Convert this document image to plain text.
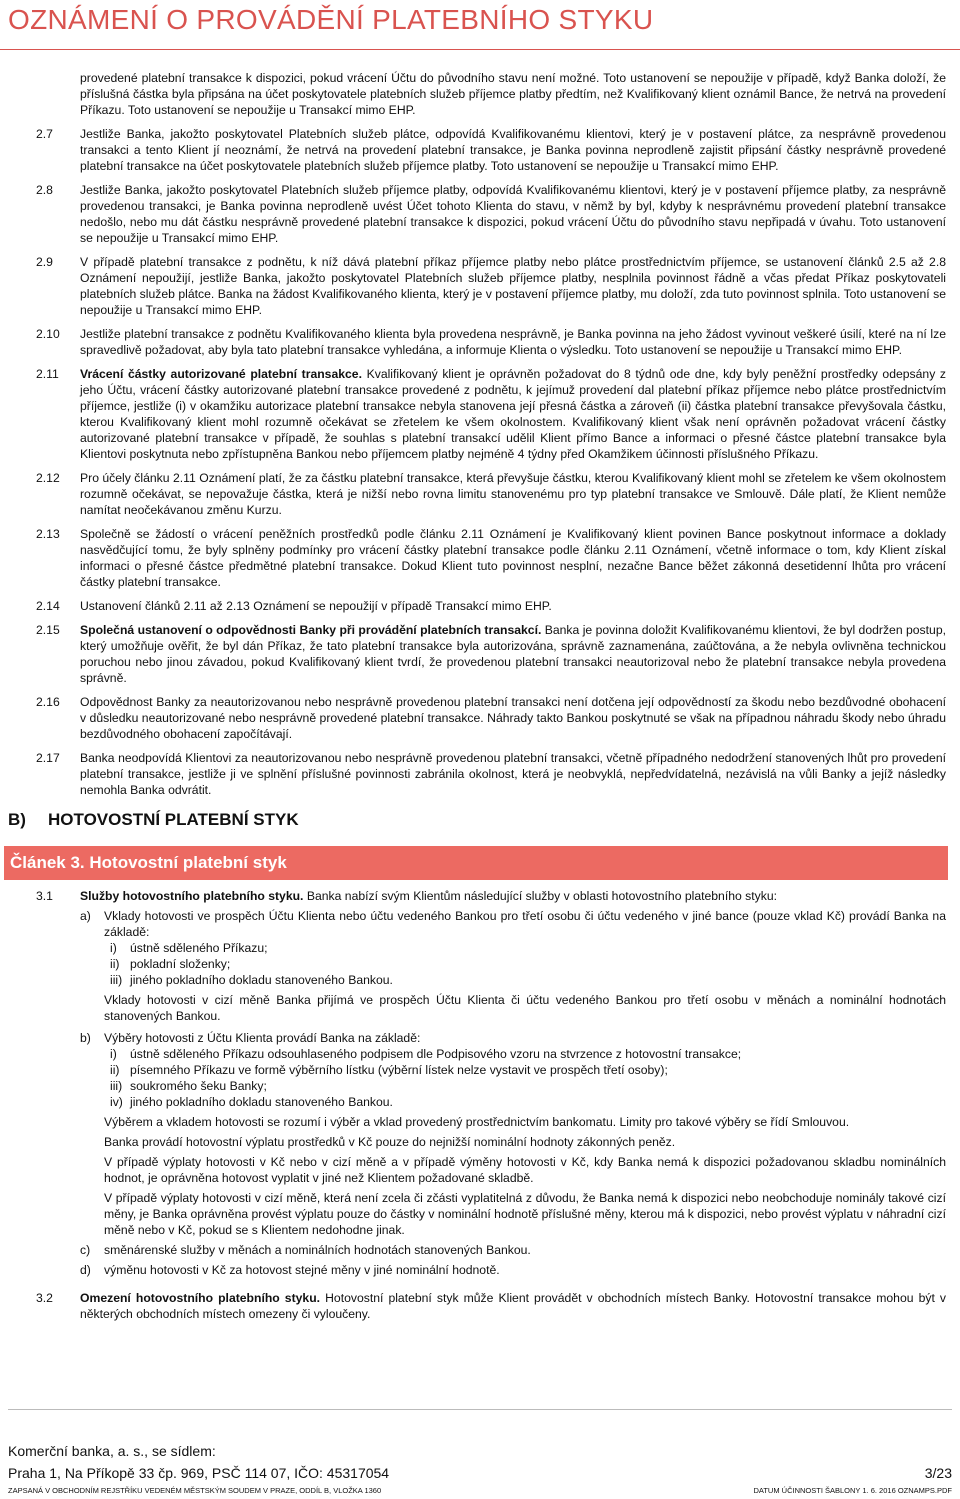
OZNÁMENÍ O PROVÁDĚNÍ PLATEBNÍHO STYKU
provedené platební transakce k dispozici, pokud vrácení Účtu do původního stavu není možné. Toto ustanovení se nepoužije v případě, když Banka doloží, že příslušná částka byla připsána na účet poskytovatele platebních služeb příjemce platby předtím, než Kvalifikovaný klient oznámil Bance, že netrvá na provedení Příkazu. Toto ustanovení se nepoužije u Transakcí mimo EHP.
2.7	Jestliže Banka, jakožto poskytovatel Platebních služeb plátce, odpovídá Kvalifikovanému klientovi, který je v postavení plátce, za nesprávně provedenou transakci a tento Klient jí neoznámí, že netrvá na provedení platební transakce, je Banka povinna neprodleně zajistit připsání částky nesprávně provedené platební transakce na účet poskytovatele platebních služeb příjemce platby. Toto ustanovení se nepoužije u Transakcí mimo EHP.
2.8	Jestliže Banka, jakožto poskytovatel Platebních služeb příjemce platby, odpovídá Kvalifikovanému klientovi, který je v postavení příjemce platby, za nesprávně provedenou transakci, je Banka povinna neprodleně uvést Účet tohoto Klienta do stavu, v němž by byl, kdyby k nesprávnému provedení platební transakce nedošlo, nebo mu dát částku nesprávně provedené platební transakce k dispozici, pokud vrácení Účtu do původního stavu nepřipadá v úvahu. Toto ustanovení se nepoužije u Transakcí mimo EHP.
2.9	V případě platební transakce z podnětu, k níž dává platební příkaz příjemce platby nebo plátce prostřednictvím příjemce, se ustanovení článků 2.5 až 2.8 Oznámení nepoužijí, jestliže Banka, jakožto poskytovatel Platebních služeb příjemce platby, nesplnila povinnost řádně a včas předat Příkaz poskytovateli platebních služeb plátce. Banka na žádost Kvalifikovaného klienta, který je v postavení příjemce platby, mu doloží, zda tuto povinnost splnila. Toto ustanovení se nepoužije u Transakcí mimo EHP.
2.10	Jestliže platební transakce z podnětu Kvalifikovaného klienta byla provedena nesprávně, je Banka povinna na jeho žádost vyvinout veškeré úsilí, které na ní lze spravedlivě požadovat, aby byla tato platební transakce vyhledána, a informuje Klienta o výsledku. Toto ustanovení se nepoužije u Transakcí mimo EHP.
2.11	Vrácení částky autorizované platební transakce. Kvalifikovaný klient je oprávněn požadovat do 8 týdnů ode dne, kdy byly peněžní prostředky odepsány z jeho Účtu, vrácení částky autorizované platební transakce provedené z podnětu, k jejímuž provedení dal platební příkaz příjemce nebo plátce prostřednictvím příjemce, jestliže (i) v okamžiku autorizace platební transakce nebyla stanovena její přesná částka a zároveň (ii) částka platební transakce převyšovala částku, kterou Kvalifikovaný klient mohl rozumně očekávat se zřetelem ke všem okolnostem. Kvalifikovaný klient však není oprávněn požadovat vrácení částky autorizované platební transakce v případě, že souhlas s platební transakcí udělil Klient přímo Bance a informaci o přesné částce platební transakce byla Klientovi poskytnuta nebo zpřístupněna Bankou nebo příjemcem platby nejméně 4 týdny před Okamžikem účinnosti příslušného Příkazu.
2.12	Pro účely článku 2.11 Oznámení platí, že za částku platební transakce, která převyšuje částku, kterou Kvalifikovaný klient mohl se zřetelem ke všem okolnostem rozumně očekávat, se nepovažuje částka, která je nižší nebo rovna limitu stanovenému pro typ platební transakce ve Smlouvě. Dále platí, že Klient nemůže namítat neočekávanou změnu Kurzu.
2.13	Společně se žádostí o vrácení peněžních prostředků podle článku 2.11 Oznámení je Kvalifikovaný klient povinen Bance poskytnout informace a doklady nasvědčující tomu, že byly splněny podmínky pro vrácení částky platební transakce podle článku 2.11 Oznámení, včetně informace o tom, kdy Klient získal informaci o přesné částce předmětné platební transakce. Dokud Klient tuto povinnost nesplní, nezačne Bance běžet zákonná desetidenní lhůta pro vrácení částky platební transakce.
2.14	Ustanovení článků 2.11 až 2.13 Oznámení se nepoužijí v případě Transakcí mimo EHP.
2.15	Společná ustanovení o odpovědnosti Banky při provádění platebních transakcí. Banka je povinna doložit Kvalifikovanému klientovi, že byl dodržen postup, který umožňuje ověřit, že byl dán Příkaz, že tato platební transakce byla autorizována, správně zaznamenána, zaúčtována, a že nebyla ovlivněna technickou poruchou nebo jinou závadou, pokud Kvalifikovaný klient tvrdí, že provedenou platební transakci neautorizoval nebo že platební transakce nebyla provedena správně.
2.16	Odpovědnost Banky za neautorizovanou nebo nesprávně provedenou platební transakci není dotčena její odpovědností za škodu nebo bezdůvodné obohacení v důsledku neautorizované nebo nesprávně provedené platební transakce. Náhrady takto Bankou poskytnuté se však na případnou náhradu škody nebo úhradu bezdůvodného obohacení započítávají.
2.17	Banka neodpovídá Klientovi za neautorizovanou nebo nesprávně provedenou platební transakci, včetně případného nedodržení stanovených lhůt pro provedení platební transakce, jestliže ji ve splnění příslušné povinnosti zabránila okolnost, která je neobvyklá, nepředvídatelná, nezávislá na vůli Banky a jejíž následky nemohla Banka odvrátit.
B) HOTOVOSTNÍ PLATEBNÍ STYK
Článek 3. Hotovostní platební styk
3.1	Služby hotovostního platebního styku. Banka nabízí svým Klientům následující služby v oblasti hotovostního platebního styku:
a) Vklady hotovosti ve prospěch Účtu Klienta nebo účtu vedeného Bankou pro třetí osobu či účtu vedeného v jiné bance (pouze vklad Kč) provádí Banka na základě:
i)	ústně sděleného Příkazu;
ii) pokladní složenky;
iii) jiného pokladního dokladu stanoveného Bankou.
Vklady hotovosti v cizí měně Banka přijímá ve prospěch Účtu Klienta či účtu vedeného Bankou pro třetí osobu v měnách a nominální hodnotách stanovených Bankou.
b) Výběry hotovosti z Účtu Klienta provádí Banka na základě:
i)	ústně sděleného Příkazu odsouhlaseného podpisem dle Podpisového vzoru na stvrzence z hotovostní transakce;
ii) písemného Příkazu ve formě výběrního lístku (výběrní lístek nelze vystavit ve prospěch třetí osoby);
iii) soukromého šeku Banky;
iv) jiného pokladního dokladu stanoveného Bankou.
Výběrem a vkladem hotovosti se rozumí i výběr a vklad provedený prostřednictvím bankomatu. Limity pro takové výběry se řídí Smlouvou.
Banka provádí hotovostní výplatu prostředků v Kč pouze do nejnižší nominální hodnoty zákonných peněz.
V případě výplaty hotovosti v Kč nebo v cizí měně a v případě výměny hotovosti v Kč, kdy Banka nemá k dispozici požadovanou skladbu nominálních hodnot, je oprávněna hotovost vyplatit v jiné než Klientem požadované skladbě.
V případě výplaty hotovosti v cizí měně, která není zcela či zčásti vyplatitelná z důvodu, že Banka nemá k dispozici nebo neobchoduje nominály takové cizí měny, je Banka oprávněna provést výplatu pouze do částky v nominální hodnotě příslušné měny, kterou má k dispozici, nebo provést výplatu v náhradní cizí měně nebo v Kč, pokud se s Klientem nedohodne jinak.
c) směnárenské služby v měnách a nominálních hodnotách stanovených Bankou.
d) výměnu hotovosti v Kč za hotovost stejné měny v jiné nominální hodnotě.
3.2	Omezení hotovostního platebního styku. Hotovostní platební styk může Klient provádět v obchodních místech Banky. Hotovostní transakce mohou být v některých obchodních místech omezeny či vyloučeny.
Komerční banka, a. s., se sídlem:
Praha 1, Na Příkopě 33 čp. 969, PSČ 114 07, IČO: 45317054	3/23
ZAPSANÁ V OBCHODNÍM REJSTŘÍKU VEDENÉM MĚSTSKÝM SOUDEM V PRAZE, ODDÍL B, VLOŽKA 1360	DATUM ÚČINNOSTI ŠABLONY 1. 6. 2016 OZNAMPS.PDF
